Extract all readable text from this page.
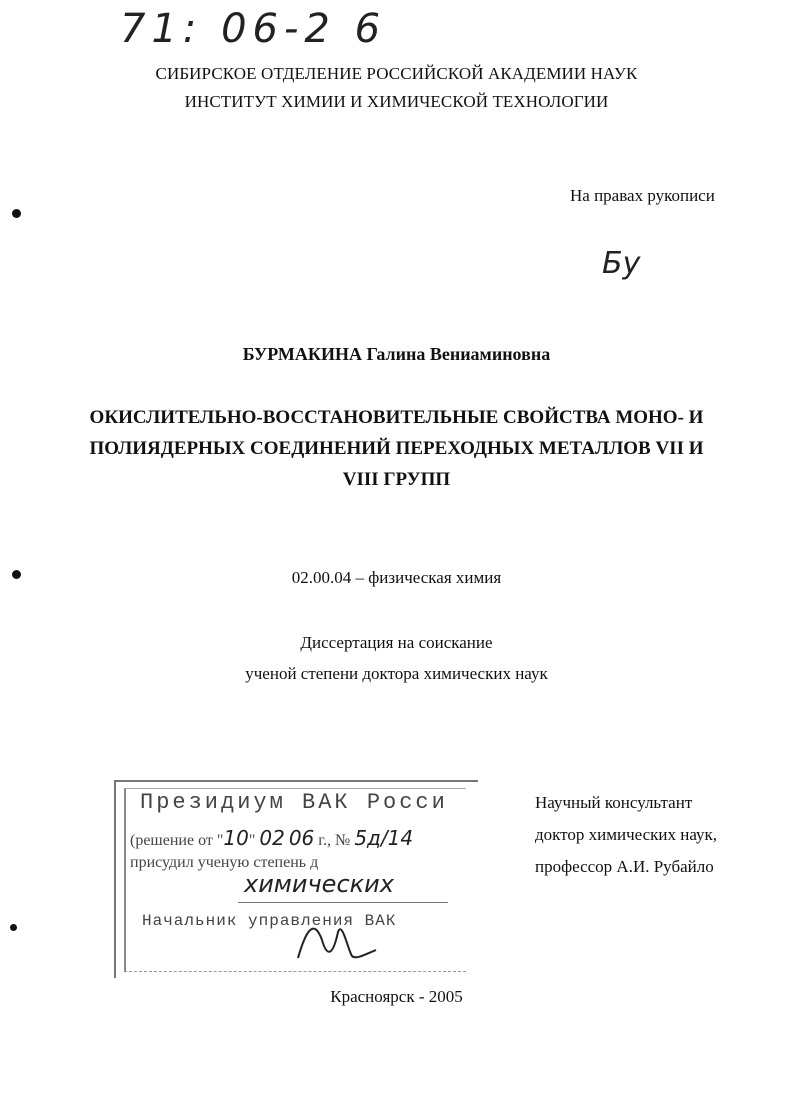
71: 06-2 6
СИБИРСКОЕ ОТДЕЛЕНИЕ РОССИЙСКОЙ АКАДЕМИИ НАУК
ИНСТИТУТ ХИМИИ И ХИМИЧЕСКОЙ ТЕХНОЛОГИИ
На правах рукописи
Бу
БУРМАКИНА Галина Вениаминовна
ОКИСЛИТЕЛЬНО-ВОССТАНОВИТЕЛЬНЫЕ СВОЙСТВА МОНО- И
ПОЛИЯДЕРНЫХ СОЕДИНЕНИЙ ПЕРЕХОДНЫХ МЕТАЛЛОВ VII И
VIII ГРУПП
02.00.04 – физическая химия
Диссертация на соискание
ученой степени доктора химических наук
Президиум ВАК Росси
(решение от "10" 02 06 г., № 5д/14
присудил ученую степень д
химических
Начальник управления ВАК
Научный консультант
доктор химических наук,
профессор А.И. Рубайло
Красноярск - 2005
